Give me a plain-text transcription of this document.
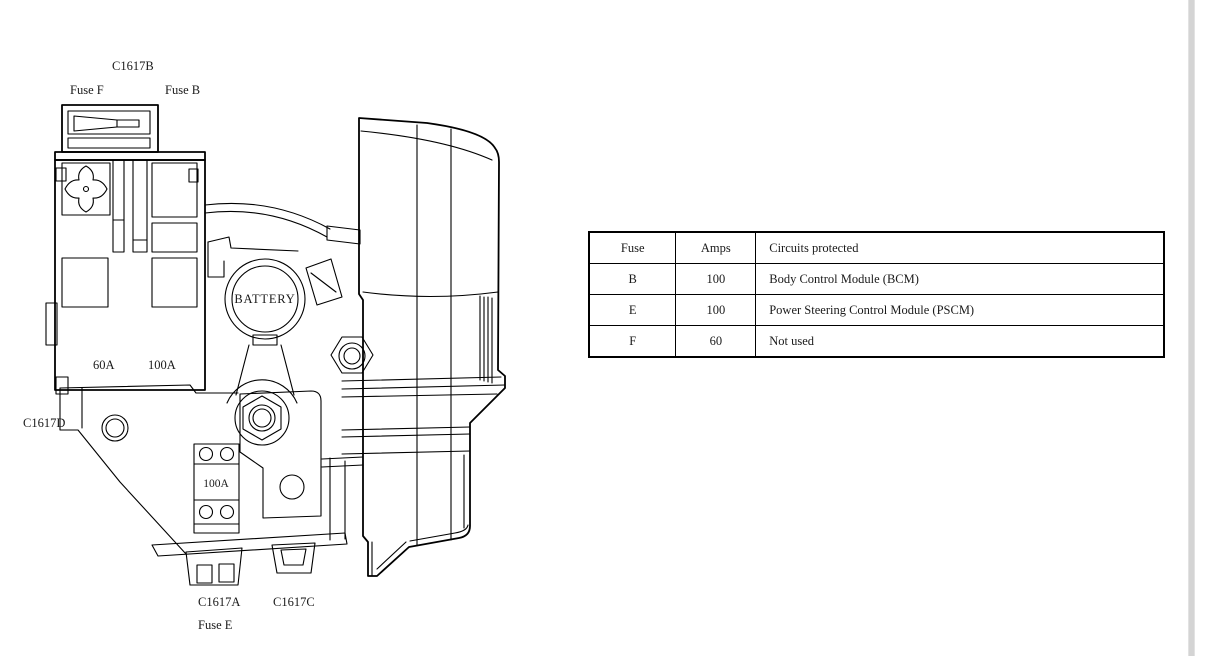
C1617B
Fuse F	Fuse B
BATTERY
60A	100A
C1617D
100A
C1617A	C1617C
Fuse E
Fuse	Amps	Circuits protected
B	100	Body Control Module (BCM)
E	100	Power Steering Control Module (PSCM)
F	60	Not used
